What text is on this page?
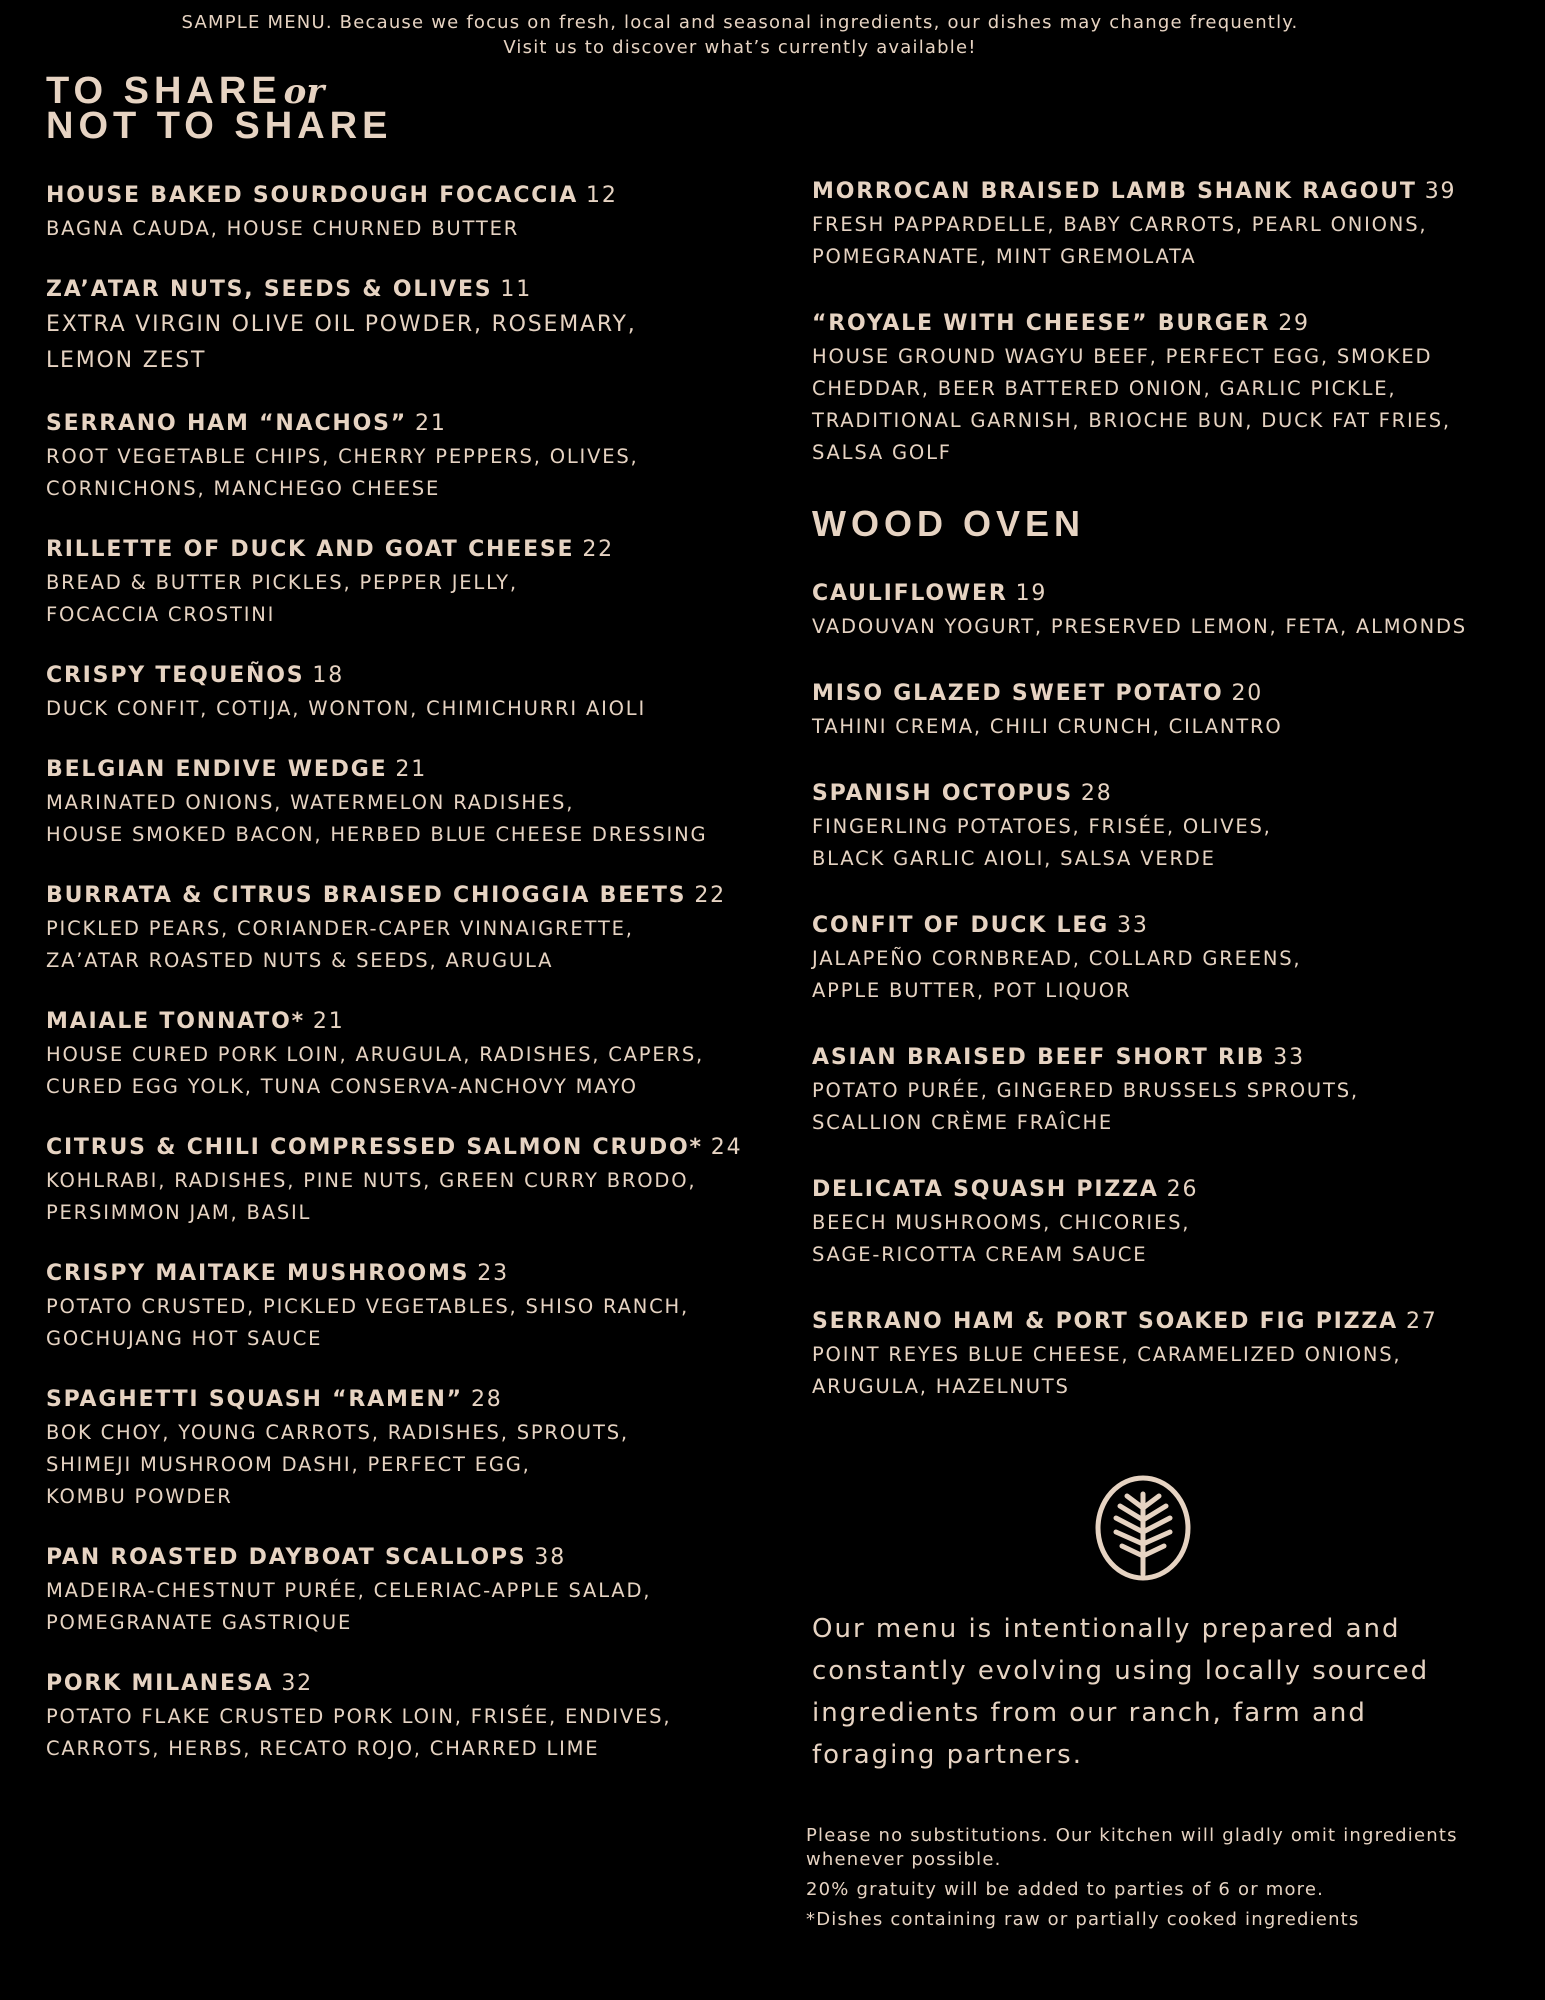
SAMPLE MENU. Because we focus on fresh, local and seasonal ingredients, our dishes may change frequently.
Visit us to discover what’s currently available!
TO SHAREor
NOT TO SHARE
HOUSE BAKED SOURDOUGH FOCACCIA 12
BAGNA CAUDA, HOUSE CHURNED BUTTER
ZA’ATAR NUTS, SEEDS & OLIVES 11
EXTRA VIRGIN OLIVE OIL POWDER, ROSEMARY,
LEMON ZEST
SERRANO HAM “NACHOS” 21
ROOT VEGETABLE CHIPS, CHERRY PEPPERS, OLIVES,
CORNICHONS, MANCHEGO CHEESE
RILLETTE OF DUCK AND GOAT CHEESE 22
BREAD & BUTTER PICKLES, PEPPER JELLY,
FOCACCIA CROSTINI
CRISPY TEQUEÑOS 18
DUCK CONFIT, COTIJA, WONTON, CHIMICHURRI AIOLI
BELGIAN ENDIVE WEDGE 21
MARINATED ONIONS, WATERMELON RADISHES,
HOUSE SMOKED BACON, HERBED BLUE CHEESE DRESSING
BURRATA & CITRUS BRAISED CHIOGGIA BEETS 22
PICKLED PEARS, CORIANDER-CAPER VINNAIGRETTE,
ZA’ATAR ROASTED NUTS & SEEDS, ARUGULA
MAIALE TONNATO* 21
HOUSE CURED PORK LOIN, ARUGULA, RADISHES, CAPERS,
CURED EGG YOLK, TUNA CONSERVA-ANCHOVY MAYO
CITRUS & CHILI COMPRESSED SALMON CRUDO* 24
KOHLRABI, RADISHES, PINE NUTS, GREEN CURRY BRODO,
PERSIMMON JAM, BASIL
CRISPY MAITAKE MUSHROOMS 23
POTATO CRUSTED, PICKLED VEGETABLES, SHISO RANCH,
GOCHUJANG HOT SAUCE
SPAGHETTI SQUASH “RAMEN” 28
BOK CHOY, YOUNG CARROTS, RADISHES, SPROUTS,
SHIMEJI MUSHROOM DASHI, PERFECT EGG,
KOMBU POWDER
PAN ROASTED DAYBOAT SCALLOPS 38
MADEIRA-CHESTNUT PURÉE, CELERIAC-APPLE SALAD,
POMEGRANATE GASTRIQUE
PORK MILANESA 32
POTATO FLAKE CRUSTED PORK LOIN, FRISÉE, ENDIVES,
CARROTS, HERBS, RECATO ROJO, CHARRED LIME
MORROCAN BRAISED LAMB SHANK RAGOUT 39
FRESH PAPPARDELLE, BABY CARROTS, PEARL ONIONS,
POMEGRANATE, MINT GREMOLATA
“ROYALE WITH CHEESE” BURGER 29
HOUSE GROUND WAGYU BEEF, PERFECT EGG, SMOKED
CHEDDAR, BEER BATTERED ONION, GARLIC PICKLE,
TRADITIONAL GARNISH, BRIOCHE BUN, DUCK FAT FRIES,
SALSA GOLF
WOOD OVEN
CAULIFLOWER 19
VADOUVAN YOGURT, PRESERVED LEMON, FETA, ALMONDS
MISO GLAZED SWEET POTATO 20
TAHINI CREMA, CHILI CRUNCH, CILANTRO
SPANISH OCTOPUS 28
FINGERLING POTATOES, FRISÉE, OLIVES,
BLACK GARLIC AIOLI, SALSA VERDE
CONFIT OF DUCK LEG 33
JALAPEÑO CORNBREAD, COLLARD GREENS,
APPLE BUTTER, POT LIQUOR
ASIAN BRAISED BEEF SHORT RIB 33
POTATO PURÉE, GINGERED BRUSSELS SPROUTS,
SCALLION CRÈME FRAÎCHE
DELICATA SQUASH PIZZA 26
BEECH MUSHROOMS, CHICORIES,
SAGE-RICOTTA CREAM SAUCE
SERRANO HAM & PORT SOAKED FIG PIZZA 27
POINT REYES BLUE CHEESE, CARAMELIZED ONIONS,
ARUGULA, HAZELNUTS
Our menu is intentionally prepared and
constantly evolving using locally sourced
ingredients from our ranch, farm and
foraging partners.

Please no substitutions. Our kitchen will gladly omit ingredients whenever possible.

20% gratuity will be added to parties of 6 or more.

*Dishes containing raw or partially cooked ingredients
